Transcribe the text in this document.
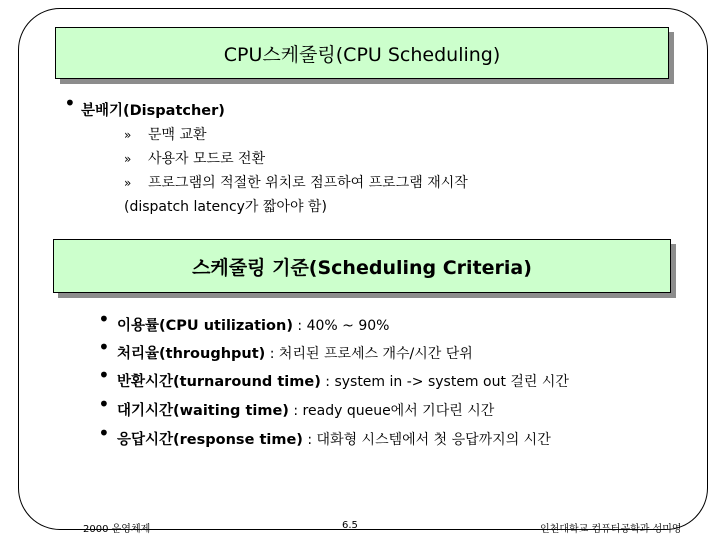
CPU스케줄링(CPU Scheduling)
• 분배기(Dispatcher)
» 문맥 교환
» 사용자 모드로 전환
» 프로그램의 적절한 위치로 점프하여 프로그램 재시작
(dispatch latency가 짧아야 함)
스케줄링 기준(Scheduling Criteria)
• 이용률(CPU utilization) : 40% ~ 90%
• 처리율(throughput) : 처리된 프로세스 개수/시간 단위
• 반환시간(turnaround time) : system in -> system out 걸린 시간
• 대기시간(waiting time) : ready queue에서 기다린 시간
• 응답시간(response time) : 대화형 시스템에서 첫 응답까지의 시간
2000 운영체제	6.5	인천대학교 컴퓨터공학과 성미영
